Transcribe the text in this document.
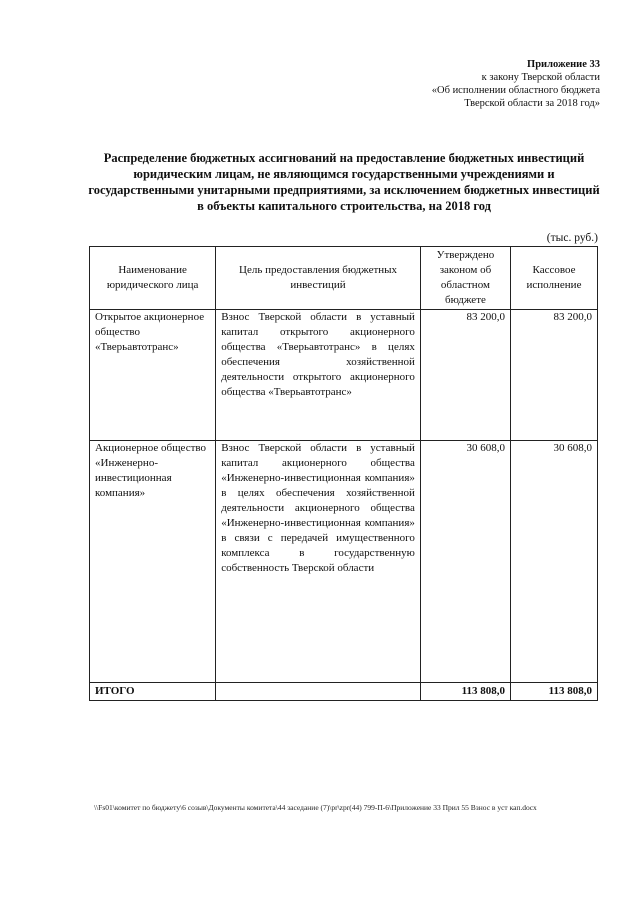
Приложение 33
к закону Тверской области
«Об исполнении областного бюджета
Тверской области за 2018 год»
Распределение бюджетных ассигнований на предоставление бюджетных инвестиций юридическим лицам, не являющимся государственными учреждениями и государственными унитарными предприятиями, за исключением бюджетных инвестиций в объекты капитального строительства, на 2018 год
(тыс. руб.)
Наименование юридического лица	Цель предоставления бюджетных инвестиций	Утверждено законом об областном бюджете	Кассовое исполнение
Открытое акционерное общество «Тверьавтотранс»	Взнос Тверской области в уставный капитал открытого акционерного общества «Тверьавтотранс» в целях обеспечения хозяйственной деятельности открытого акционерного общества «Тверьавтотранс»	83 200,0	83 200,0
Акционерное общество «Инженерно-инвестиционная компания»	Взнос Тверской области в уставный капитал акционерного общества «Инженерно-инвестиционная компания» в целях обеспечения хозяйственной деятельности акционерного общества «Инженерно-инвестиционная компания» в связи с передачей имущественного комплекса в государственную собственность Тверской области	30 608,0	30 608,0
ИТОГО		113 808,0	113 808,0
\\Fs01\комитет по бюджету\6 созыв\Документы комитета\44 заседание (7)\pr\zpr(44) 799-П-6\Приложение 33 Прил 55 Взнос в уст кап.docx
